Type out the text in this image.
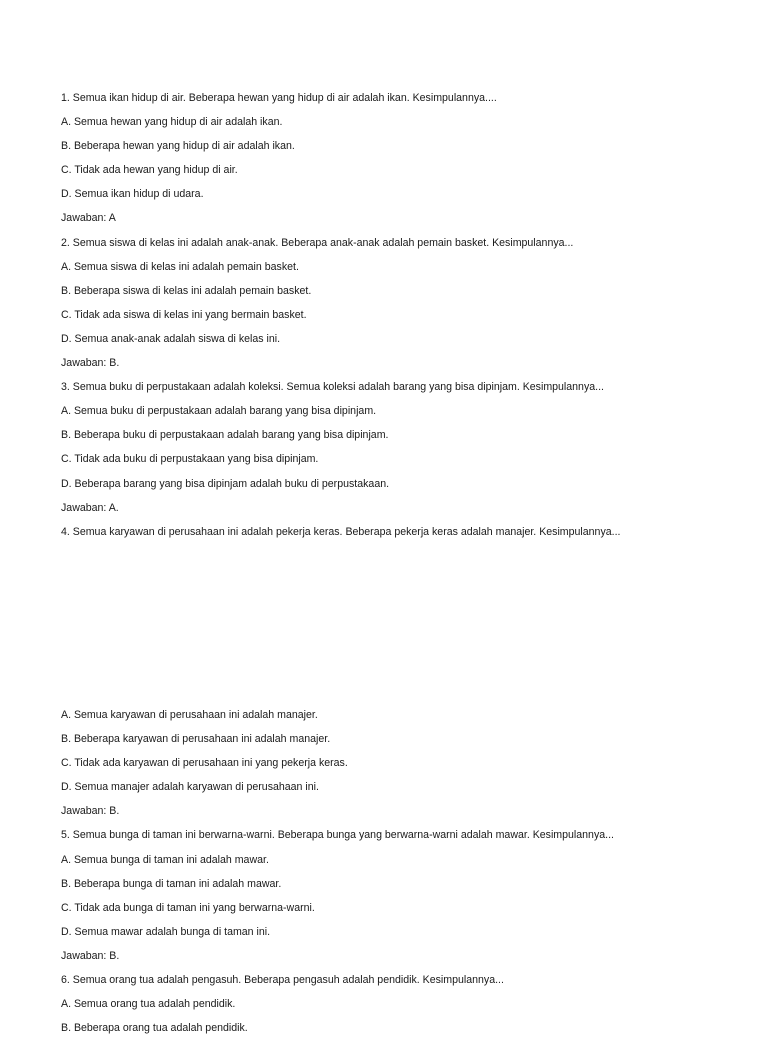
1. Semua ikan hidup di air. Beberapa hewan yang hidup di air adalah ikan. Kesimpulannya....
A. Semua hewan yang hidup di air adalah ikan.
B. Beberapa hewan yang hidup di air adalah ikan.
C. Tidak ada hewan yang hidup di air.
D. Semua ikan hidup di udara.
Jawaban: A
2. Semua siswa di kelas ini adalah anak-anak. Beberapa anak-anak adalah pemain basket. Kesimpulannya...
A. Semua siswa di kelas ini adalah pemain basket.
B. Beberapa siswa di kelas ini adalah pemain basket.
C. Tidak ada siswa di kelas ini yang bermain basket.
D. Semua anak-anak adalah siswa di kelas ini.
Jawaban: B.
3. Semua buku di perpustakaan adalah koleksi. Semua koleksi adalah barang yang bisa dipinjam. Kesimpulannya...
A. Semua buku di perpustakaan adalah barang yang bisa dipinjam.
B. Beberapa buku di perpustakaan adalah barang yang bisa dipinjam.
C. Tidak ada buku di perpustakaan yang bisa dipinjam.
D. Beberapa barang yang bisa dipinjam adalah buku di perpustakaan.
Jawaban: A.
4. Semua karyawan di perusahaan ini adalah pekerja keras. Beberapa pekerja keras adalah manajer. Kesimpulannya...
A. Semua karyawan di perusahaan ini adalah manajer.
B. Beberapa karyawan di perusahaan ini adalah manajer.
C. Tidak ada karyawan di perusahaan ini yang pekerja keras.
D. Semua manajer adalah karyawan di perusahaan ini.
Jawaban: B.
5. Semua bunga di taman ini berwarna-warni. Beberapa bunga yang berwarna-warni adalah mawar. Kesimpulannya...
A. Semua bunga di taman ini adalah mawar.
B. Beberapa bunga di taman ini adalah mawar.
C. Tidak ada bunga di taman ini yang berwarna-warni.
D. Semua mawar adalah bunga di taman ini.
Jawaban: B.
6. Semua orang tua adalah pengasuh. Beberapa pengasuh adalah pendidik. Kesimpulannya...
A. Semua orang tua adalah pendidik.
B. Beberapa orang tua adalah pendidik.
